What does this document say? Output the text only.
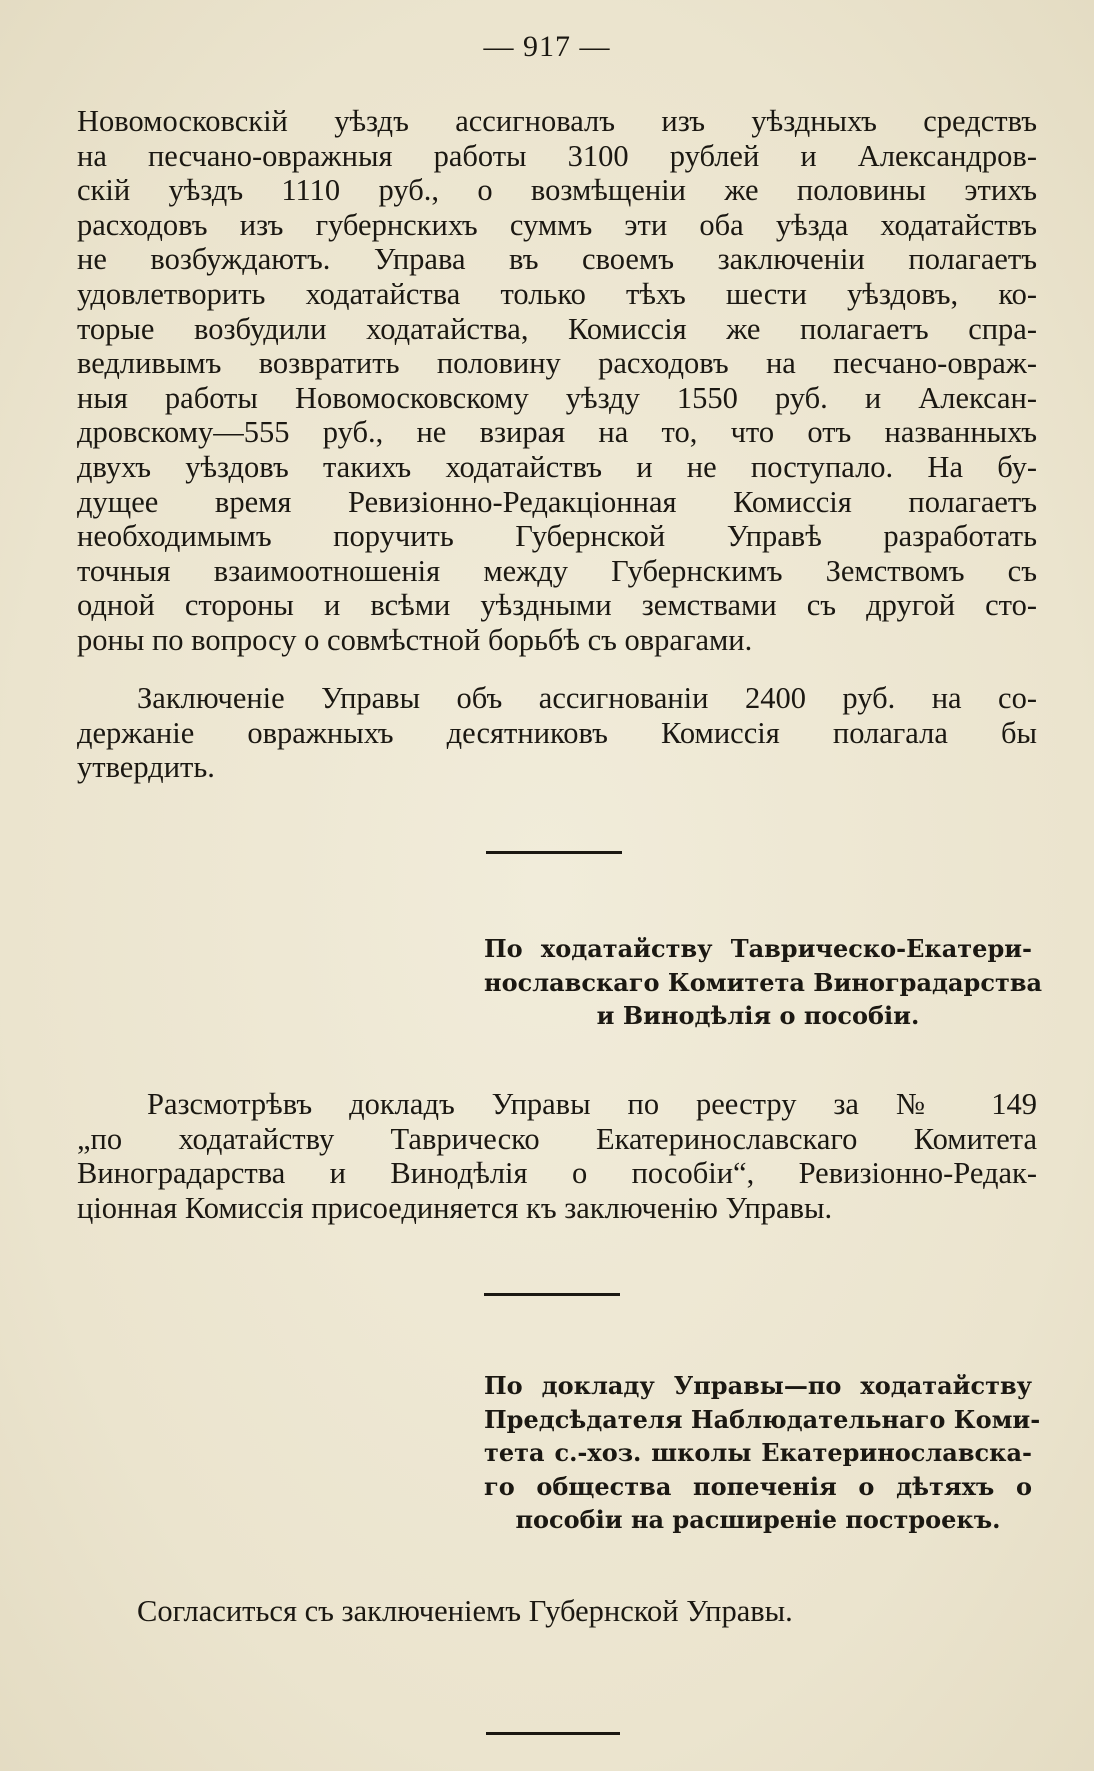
— 917 —
Новомосковскій уѣздъ ассигновалъ изъ уѣздныхъ средствъ
на песчано-овражныя работы 3100 рублей и Александров-
скій уѣздъ 1110 руб., о возмѣщеніи же половины этихъ
расходовъ изъ губернскихъ суммъ эти оба уѣзда ходатайствъ
не возбуждаютъ. Управа въ своемъ заключеніи полагаетъ
удовлетворить ходатайства только тѣхъ шести уѣздовъ, ко-
торые возбудили ходатайства, Комиссія же полагаетъ спра-
ведливымъ возвратить половину расходовъ на песчано-овраж-
ныя работы Новомосковскому уѣзду 1550 руб. и Алексан-
дровскому—555 руб., не взирая на то, что отъ названныхъ
двухъ уѣздовъ такихъ ходатайствъ и не поступало. На бу-
дущее время Ревизіонно-Редакціонная Комиссія полагаетъ
необходимымъ поручить Губернской Управѣ разработать
точныя взаимоотношенія между Губернскимъ Земствомъ съ
одной стороны и всѣми уѣздными земствами съ другой сто-
роны по вопросу о совмѣстной борьбѣ съ оврагами.
Заключеніе Управы объ ассигнованіи 2400 руб. на со-
держаніе овражныхъ десятниковъ Комиссія полагала бы
утвердить.
По ходатайству Таврическо-Екатери-
нославскаго Комитета Виноградарства
и Винодѣлія о пособіи.
Разсмотрѣвъ докладъ Управы по реестру за № 149
„по ходатайству Таврическо Екатеринославскаго Комитета
Виноградарства и Винодѣлія о пособіи“, Ревизіонно-Редак-
ціонная Комиссія присоединяется къ заключенію Управы.
По докладу Управы—по ходатайству
Предсѣдателя Наблюдательнаго Коми-
тета с.-хоз. школы Екатеринославска-
го общества попеченія о дѣтяхъ о
пособіи на расширеніе построекъ.
Согласиться съ заключеніемъ Губернской Управы.
